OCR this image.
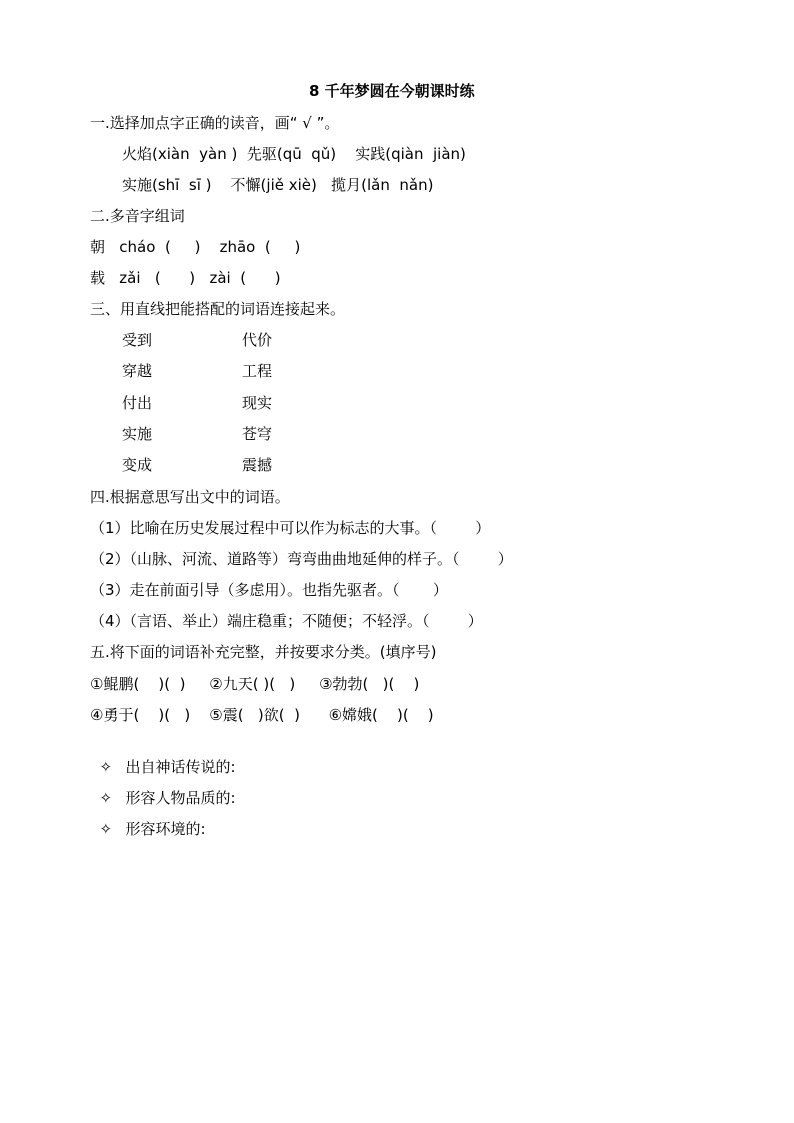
8 千年梦圆在今朝课时练
一.选择加点字正确的读音，画“ √ ”。
火焰(xiàn  yàn )  先驱(qū  qǔ)    实践(qiàn  jiàn)
实施(shī  sī )    不懈(jiě xiè)   揽月(lǎn  nǎn)
二.多音字组词
朝   cháo  (     )    zhāo  (     )
载   zǎi   (      )   zài  (      )
三、用直线把能搭配的词语连接起来。
受到	代价
穿越	工程
付出	现实
实施	苍穹
变成	震撼
四.根据意思写出文中的词语。
（1）比喻在历史发展过程中可以作为标志的大事。（        ）
（2）（山脉、河流、道路等）弯弯曲曲地延伸的样子。（        ）
（3）走在前面引导（多虑用）。也指先驱者。（       ）
（4）（言语、举止）端庄稳重；不随便；不轻浮。（        ）
五.将下面的词语补充完整，并按要求分类。(填序号)
①鲲鹏(    )(  )     ②九天( )(   )     ③勃勃(   )(    )
④勇于(    )(   )    ⑤震(   )欲(  )      ⑥嫦娥(    )(    )

✧ 出自神话传说的:

✧ 形容人物品质的:

✧ 形容环境的:
